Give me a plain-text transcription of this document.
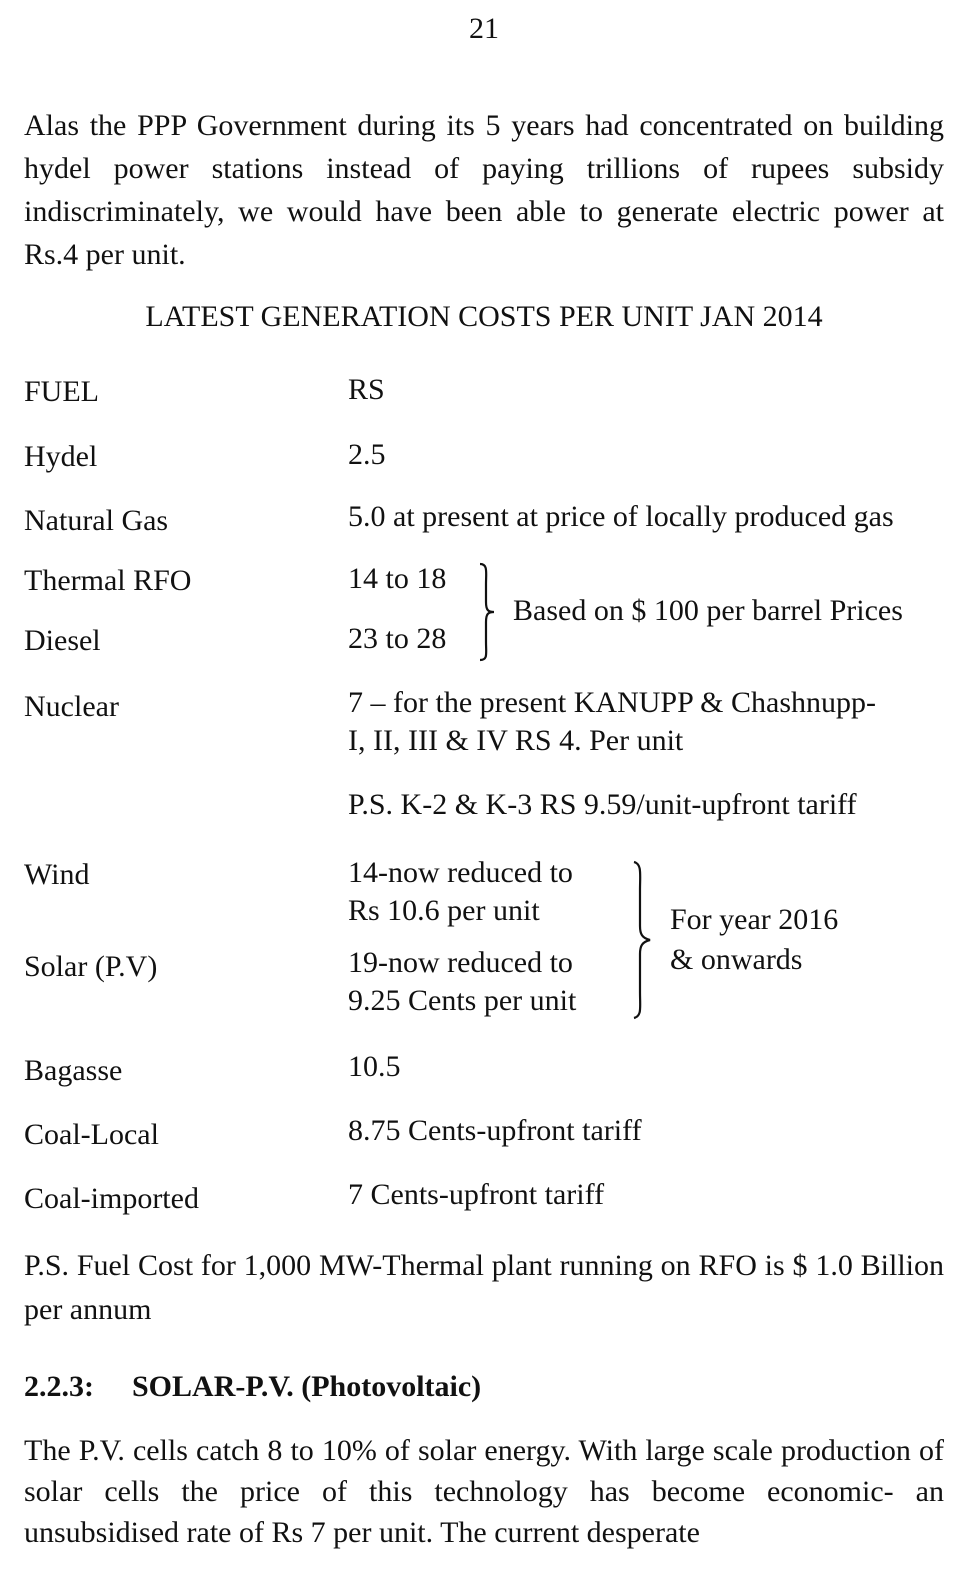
21

Alas the PPP Government during its 5 years had concentrated on building hydel power stations instead of paying trillions of rupees subsidy indiscriminately, we would have been able to generate electric power at Rs.4 per unit.

LATEST GENERATION COSTS PER UNIT JAN 2014
FUEL	RS
Hydel	2.5
Natural Gas	5.0 at present at price of locally produced gas
Thermal RFO	14 to 18
Diesel	23 to 28
Based on $ 100 per barrel Prices
Nuclear	7 – for the present KANUPP & Chashnupp-
I, II, III & IV RS 4. Per unit
P.S. K-2 & K-3 RS 9.59/unit-upfront tariff
Wind	14-now reduced to
Rs 10.6 per unit
Solar (P.V)	19-now reduced to
9.25 Cents per unit
For year 2016
& onwards
Bagasse	10.5
Coal-Local	8.75 Cents-upfront tariff
Coal-imported	7 Cents-upfront tariff

P.S. Fuel Cost for 1,000 MW-Thermal plant running on RFO is $ 1.0 Billion per annum

2.2.3: SOLAR-P.V. (Photovoltaic)

The P.V. cells catch 8 to 10% of solar energy. With large scale production of solar cells the price of this technology has become economic- an unsubsidised rate of Rs 7 per unit. The current desperate
